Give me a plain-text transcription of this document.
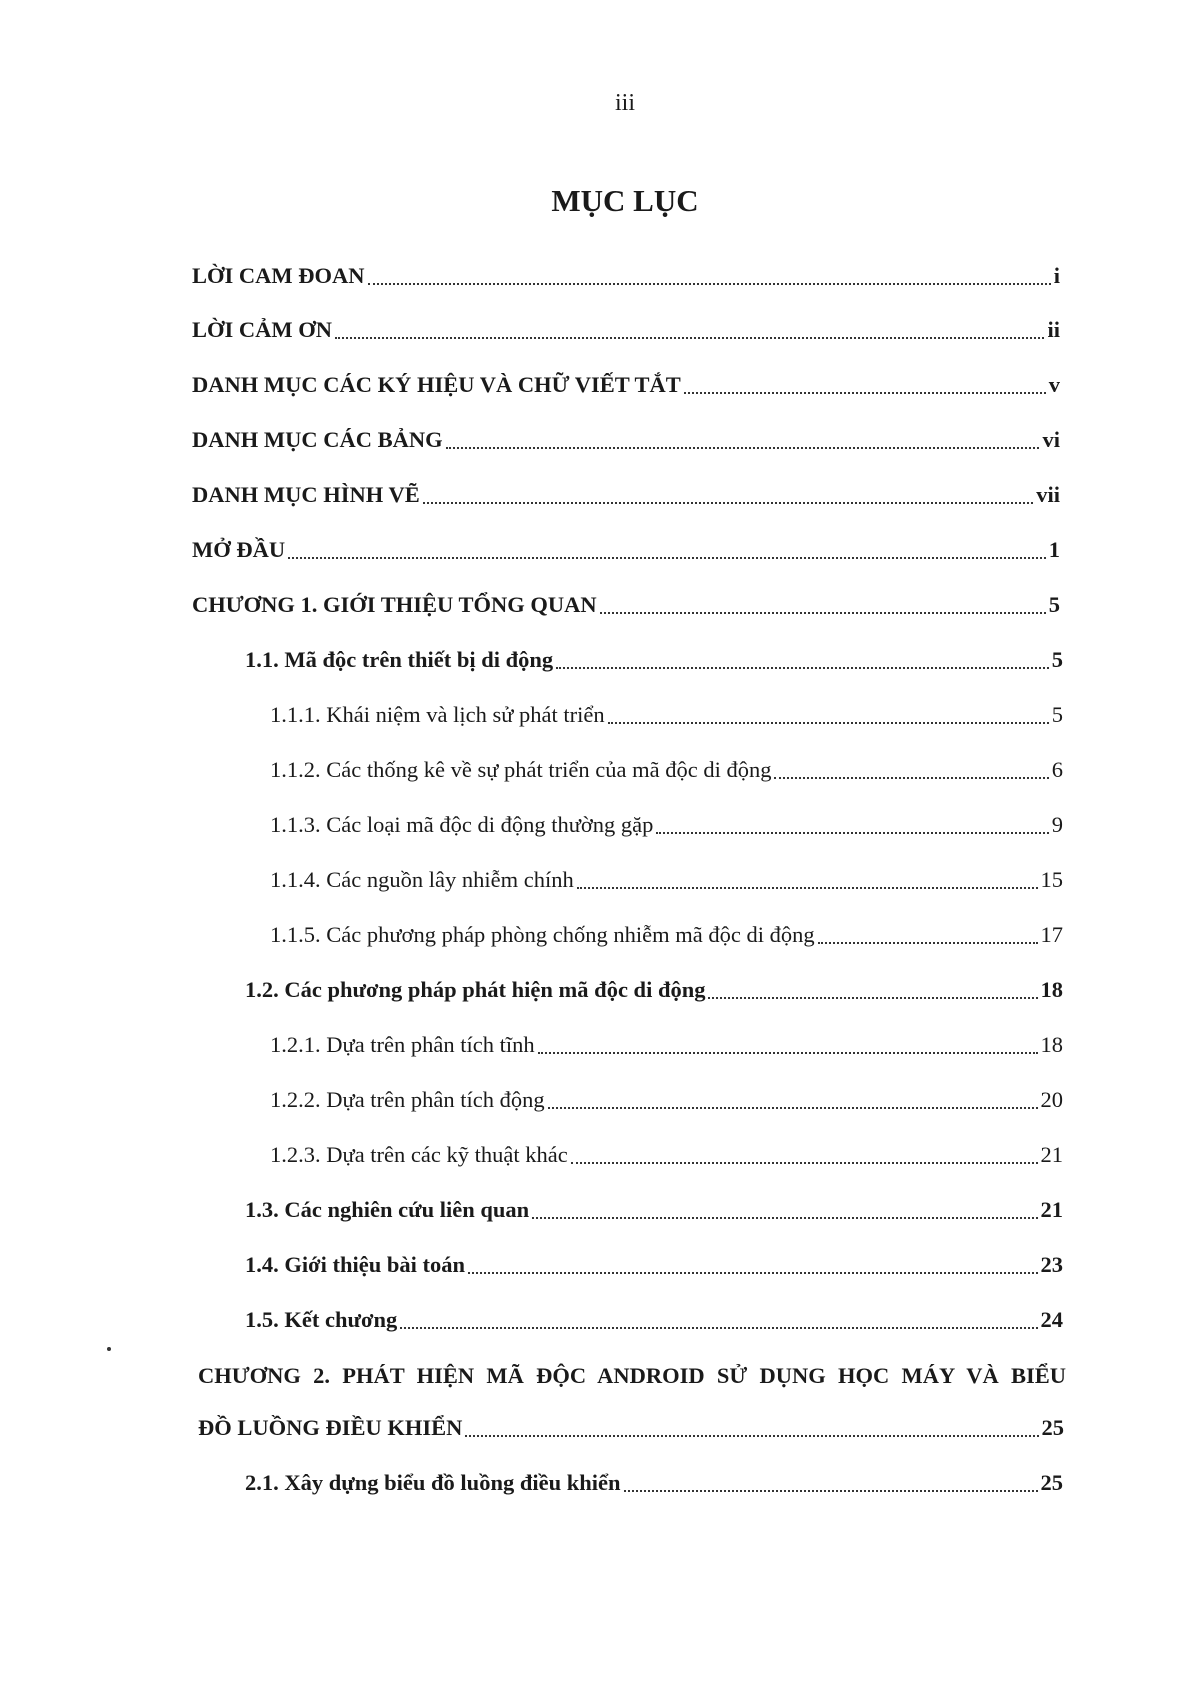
iii
MỤC LỤC
LỜI CAM ĐOAN	i
LỜI CẢM ƠN	ii
DANH MỤC CÁC KÝ HIỆU VÀ CHỮ VIẾT TẮT	v
DANH MỤC CÁC BẢNG	vi
DANH MỤC HÌNH VẼ	vii
MỞ ĐẦU	1
CHƯƠNG 1. GIỚI THIỆU TỔNG QUAN	5
1.1. Mã độc trên thiết bị di động	5
1.1.1. Khái niệm và lịch sử phát triển	5
1.1.2. Các thống kê về sự phát triển của mã độc di động	6
1.1.3. Các loại mã độc di động thường gặp	9
1.1.4. Các nguồn lây nhiễm chính	15
1.1.5. Các phương pháp phòng chống nhiễm mã độc di động	17
1.2. Các phương pháp phát hiện mã độc di động	18
1.2.1. Dựa trên phân tích tĩnh	18
1.2.2. Dựa trên phân tích động	20
1.2.3. Dựa trên các kỹ thuật khác	21
1.3. Các nghiên cứu liên quan	21
1.4. Giới thiệu bài toán	23
1.5. Kết chương	24
CHƯƠNG 2. PHÁT HIỆN MÃ ĐỘC ANDROID SỬ DỤNG HỌC MÁY VÀ BIỂU
ĐỒ LUỒNG ĐIỀU KHIỂN	25
2.1. Xây dựng biểu đồ luồng điều khiển	25
